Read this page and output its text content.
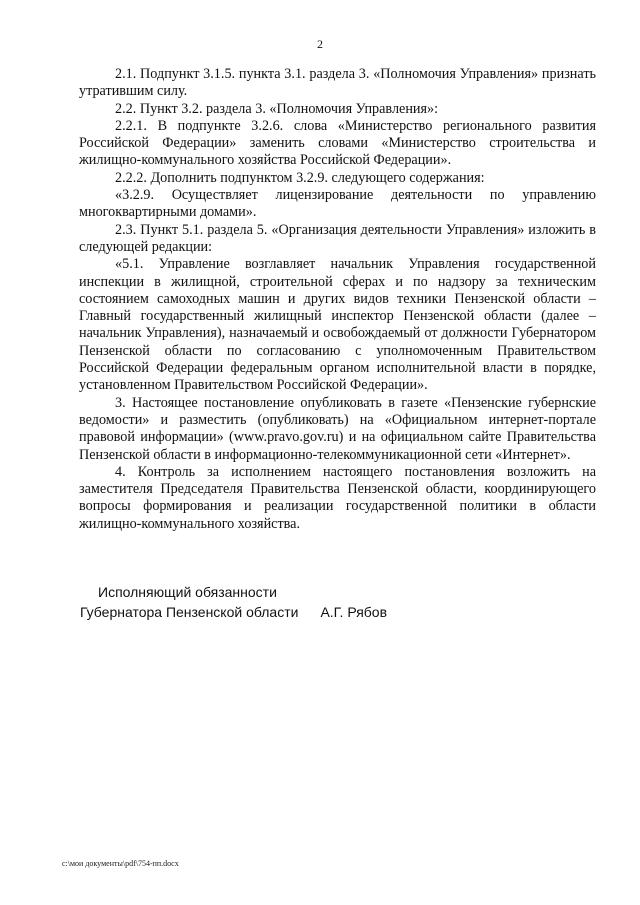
2

2.1. Подпункт 3.1.5. пункта 3.1. раздела 3. «Полномочия Управления» признать утратившим силу.

2.2. Пункт 3.2. раздела 3. «Полномочия Управления»:

2.2.1. В подпункте 3.2.6. слова «Министерство регионального развития Российской Федерации» заменить словами «Министерство строительства и жилищно-коммунального хозяйства Российской Федерации».

2.2.2. Дополнить подпунктом 3.2.9. следующего содержания:

«3.2.9. Осуществляет лицензирование деятельности по управлению многоквартирными домами».

2.3. Пункт 5.1. раздела 5. «Организация деятельности Управления» изложить в следующей редакции:

«5.1. Управление возглавляет начальник Управления государственной инспекции в жилищной, строительной сферах и по надзору за техническим состоянием самоходных машин и других видов техники Пензенской области – Главный государственный жилищный инспектор Пензенской области (далее – начальник Управления), назначаемый и освобождаемый от должности Губернатором Пензенской области по согласованию с уполномоченным Правительством Российской Федерации федеральным органом исполнительной власти в порядке, установленном Правительством Российской Федерации».

3. Настоящее постановление опубликовать в газете «Пензенские губернские ведомости» и разместить (опубликовать) на «Официальном интернет-портале правовой информации» (www.pravo.gov.ru) и на официальном сайте Правительства Пензенской области в информационно-телекоммуникационной сети «Интернет».

4. Контроль за исполнением настоящего постановления возложить на заместителя Председателя Правительства Пензенской области, координирующего вопросы формирования и реализации государственной политики в области жилищно-коммунального хозяйства.

Исполняющий обязанности
Губернатора Пензенской области А.Г. Рябов
c:\мои документы\pdf\754-пп.docx
